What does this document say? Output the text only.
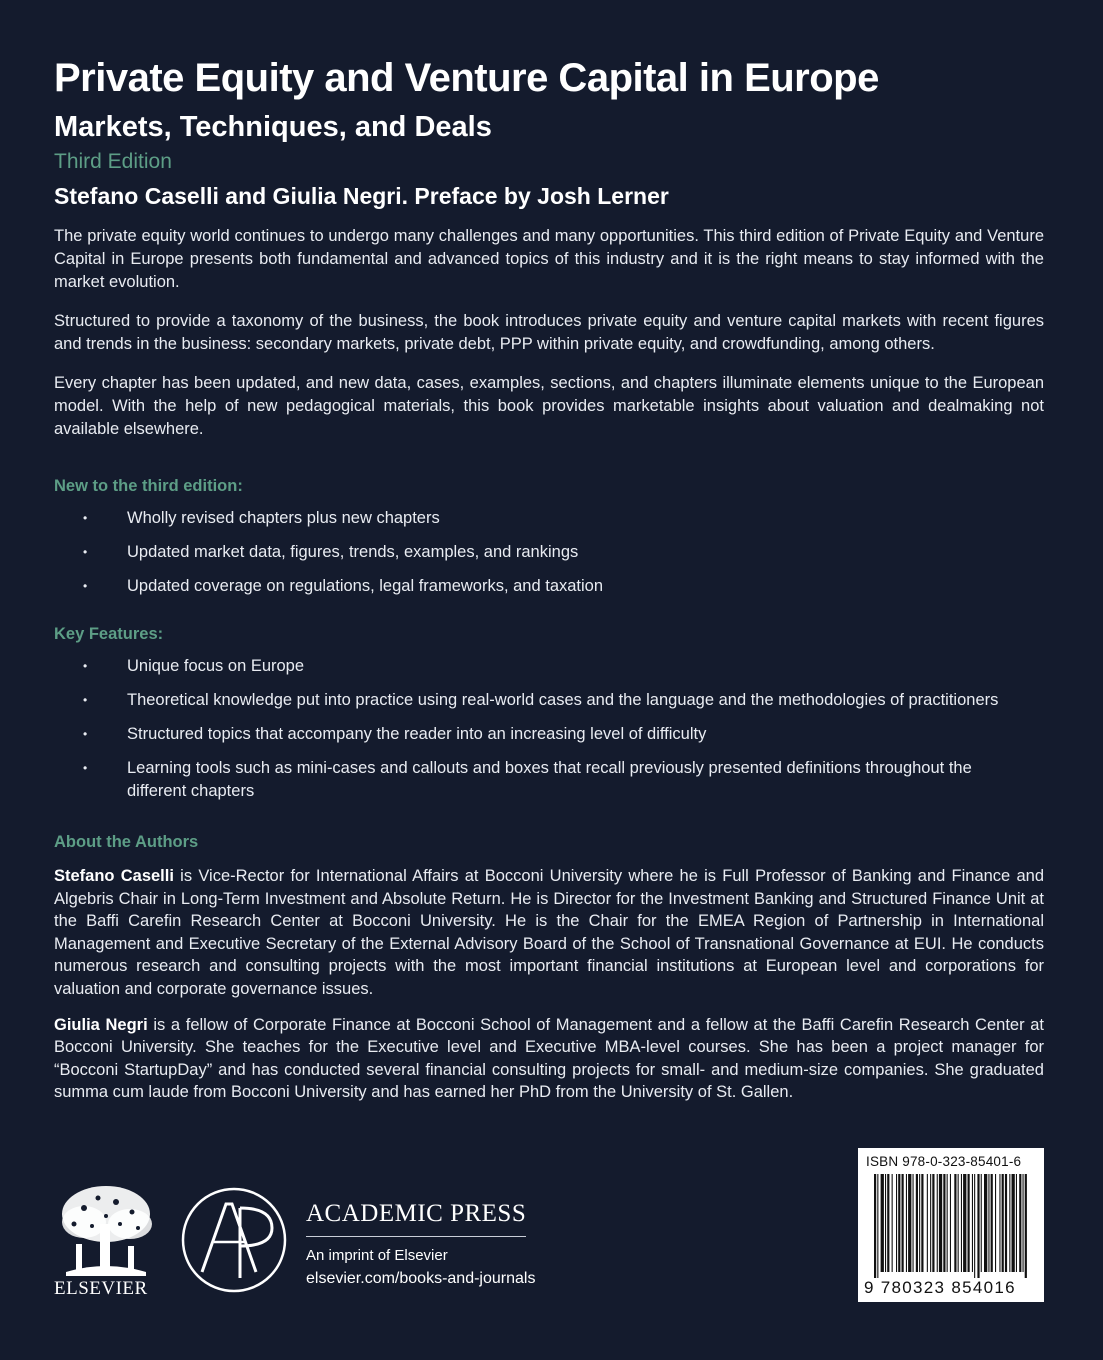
Private Equity and Venture Capital in Europe
Markets, Techniques, and Deals
Third Edition
Stefano Caselli and Giulia Negri. Preface by Josh Lerner

The private equity world continues to undergo many challenges and many opportunities. This third edition of Private Equity and Venture Capital in Europe presents both fundamental and advanced topics of this industry and it is the right means to stay informed with the market evolution.

Structured to provide a taxonomy of the business, the book introduces private equity and venture capital markets with recent figures and trends in the business: secondary markets, private debt, PPP within private equity, and crowdfunding, among others.

Every chapter has been updated, and new data, cases, examples, sections, and chapters illuminate elements unique to the European model. With the help of new pedagogical materials, this book provides marketable insights about valuation and dealmaking not available elsewhere.

New to the third edition:
• Wholly revised chapters plus new chapters
• Updated market data, figures, trends, examples, and rankings
• Updated coverage on regulations, legal frameworks, and taxation
Key Features:
• Unique focus on Europe
• Theoretical knowledge put into practice using real-world cases and the language and the methodologies of practitioners
• Structured topics that accompany the reader into an increasing level of difficulty
• Learning tools such as mini-cases and callouts and boxes that recall previously presented definitions throughout the different chapters
About the Authors

Stefano Caselli is Vice-Rector for International Affairs at Bocconi University where he is Full Professor of Banking and Finance and Algebris Chair in Long-Term Investment and Absolute Return. He is Director for the Investment Banking and Structured Finance Unit at the Baffi Carefin Research Center at Bocconi University. He is the Chair for the EMEA Region of Partnership in International Management and Executive Secretary of the External Advisory Board of the School of Transnational Governance at EUI. He conducts numerous research and consulting projects with the most important financial institutions at European level and corporations for valuation and corporate governance issues.

Giulia Negri is a fellow of Corporate Finance at Bocconi School of Management and a fellow at the Baffi Carefin Research Center at Bocconi University. She teaches for the Executive level and Executive MBA-level courses. She has been a project manager for “Bocconi StartupDay” and has conducted several financial consulting projects for small- and medium-size companies. She graduated summa cum laude from Bocconi University and has earned her PhD from the University of St. Gallen.

ELSEVIER
ACADEMIC PRESS
An imprint of Elsevier
elsevier.com/books-and-journals
ISBN 978-0-323-85401-6
9 780323 854016
